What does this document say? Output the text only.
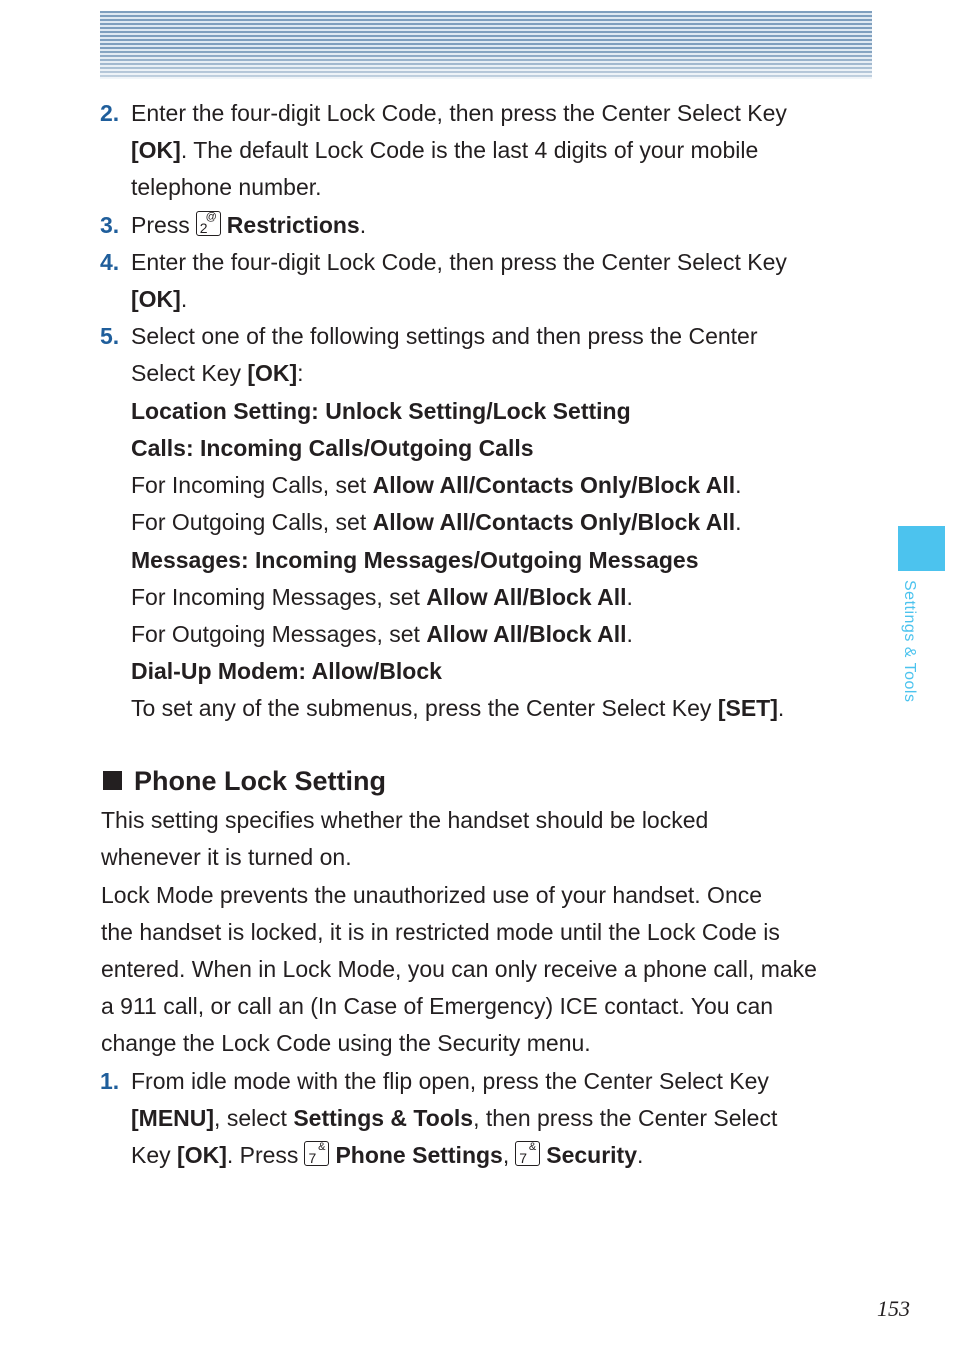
Settings & Tools
2. Enter the four-digit Lock Code, then press the Center Select Key
[OK]. The default Lock Code is the last 4 digits of your mobile
telephone number.
3. Press 2
@ Restrictions.
4. Enter the four-digit Lock Code, then press the Center Select Key
[OK].
5. Select one of the following settings and then press the Center
Select Key [OK]:
Location Setting: Unlock Setting/Lock Setting
Calls: Incoming Calls/Outgoing Calls
For Incoming Calls, set Allow All/Contacts Only/Block All.
For Outgoing Calls, set Allow All/Contacts Only/Block All.
Messages: Incoming Messages/Outgoing Messages
For Incoming Messages, set Allow All/Block All.
For Outgoing Messages, set Allow All/Block All.
Dial-Up Modem: Allow/Block
To set any of the submenus, press the Center Select Key [SET].
Phone Lock Setting
This setting specifies whether the handset should be locked
whenever it is turned on.
Lock Mode prevents the unauthorized use of your handset. Once
the handset is locked, it is in restricted mode until the Lock Code is
entered. When in Lock Mode, you can only receive a phone call, make
a 911 call, or call an (In Case of Emergency) ICE contact. You can
change the Lock Code using the Security menu.
1. From idle mode with the flip open, press the Center Select Key
[MENU], select Settings & Tools, then press the Center Select
Key [OK]. Press 7
& Phone Settings, 7
& Security.
153
